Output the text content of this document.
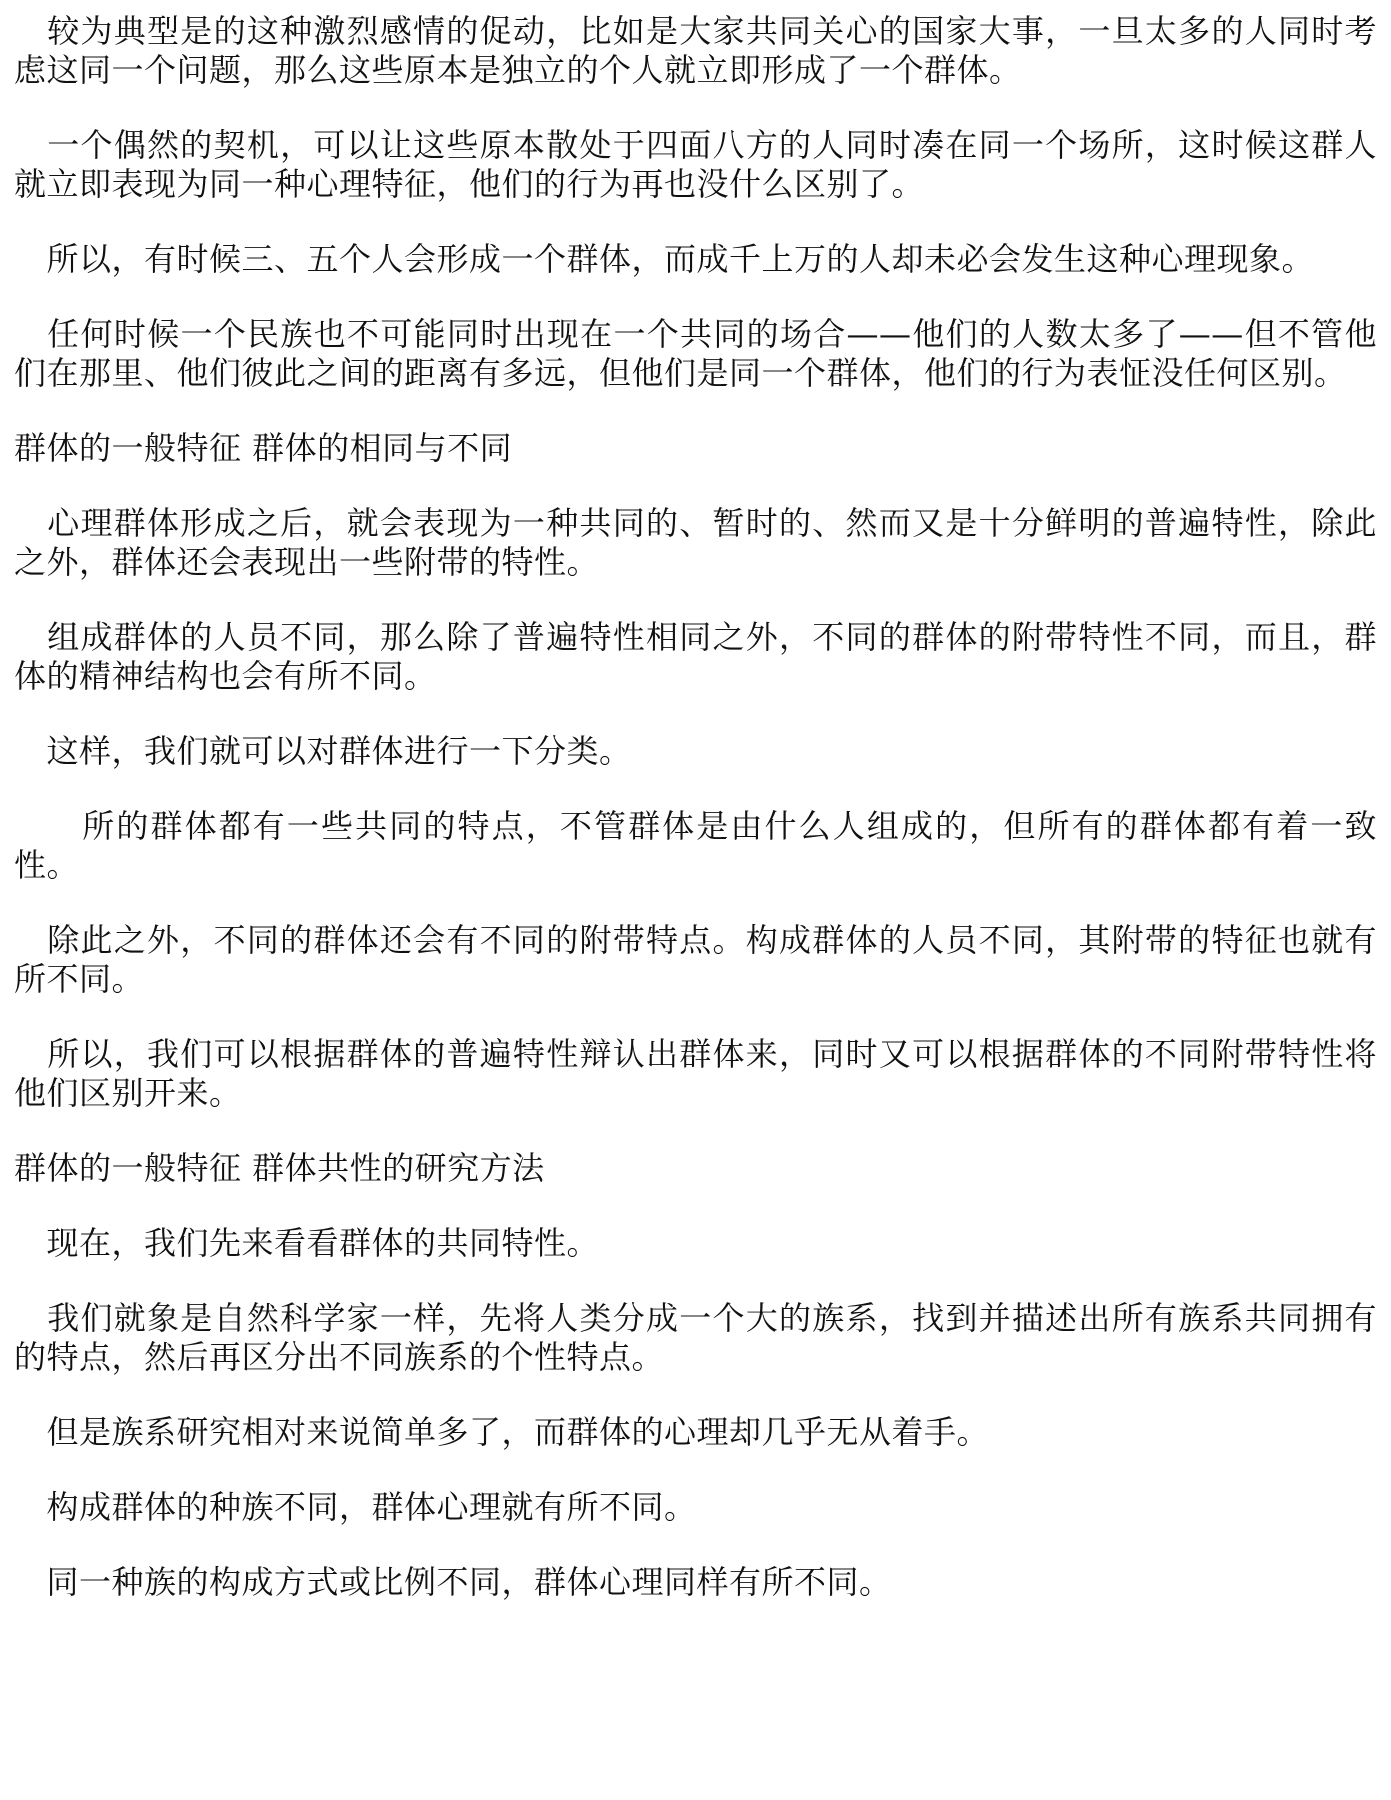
　较为典型是的这种激烈感情的促动，比如是大家共同关心的国家大事，一旦太多的人同时考虑这同一个问题，那么这些原本是独立的个人就立即形成了一个群体。

　一个偶然的契机，可以让这些原本散处于四面八方的人同时凑在同一个场所，这时候这群人就立即表现为同一种心理特征，他们的行为再也没什么区别了。

　所以，有时候三、五个人会形成一个群体，而成千上万的人却未必会发生这种心理现象。

　任何时候一个民族也不可能同时出现在一个共同的场合——他们的人数太多了——但不管他们在那里、他们彼此之间的距离有多远，但他们是同一个群体，他们的行为表怔没任何区别。

群体的一般特征 群体的相同与不同

　心理群体形成之后，就会表现为一种共同的、暂时的、然而又是十分鲜明的普遍特性，除此之外，群体还会表现出一些附带的特性。

　组成群体的人员不同，那么除了普遍特性相同之外，不同的群体的附带特性不同，而且，群体的精神结构也会有所不同。

　这样，我们就可以对群体进行一下分类。

　　所的群体都有一些共同的特点，不管群体是由什么人组成的，但所有的群体都有着一致性。

　除此之外，不同的群体还会有不同的附带特点。构成群体的人员不同，其附带的特征也就有所不同。

　所以，我们可以根据群体的普遍特性辩认出群体来，同时又可以根据群体的不同附带特性将他们区别开来。

群体的一般特征 群体共性的研究方法

　现在，我们先来看看群体的共同特性。

　我们就象是自然科学家一样，先将人类分成一个大的族系，找到并描述出所有族系共同拥有的特点，然后再区分出不同族系的个性特点。

　但是族系研究相对来说简单多了，而群体的心理却几乎无从着手。

　构成群体的种族不同，群体心理就有所不同。

　同一种族的构成方式或比例不同，群体心理同样有所不同。
